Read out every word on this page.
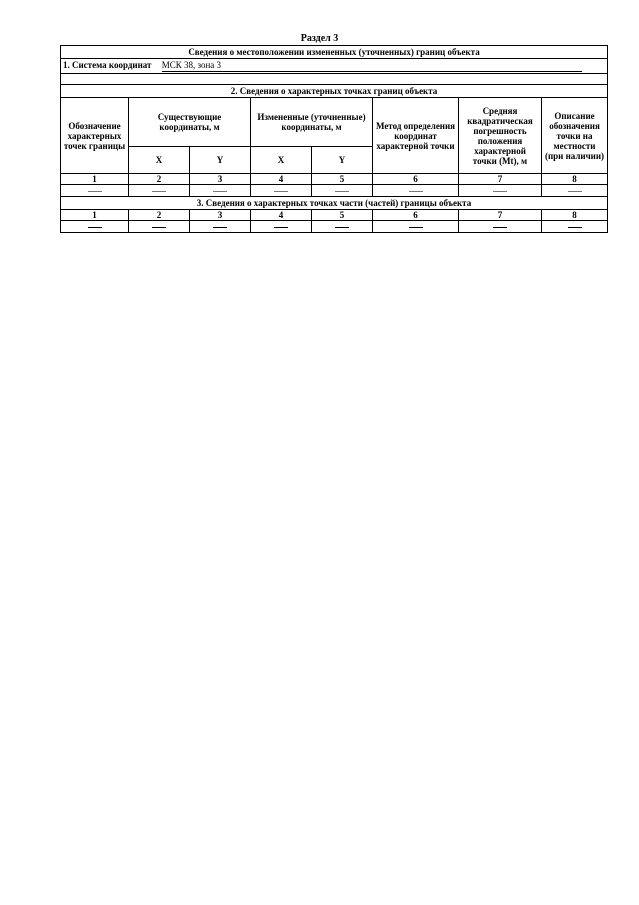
Раздел 3
Сведения о местоположении измененных (уточненных) границ объекта							
1. Система координат МСК 38, зона 3							

2. Сведения о характерных точках границ объекта							
Обозначение характерных точек границы	Существующие координаты, м		Измененные (уточненные) координаты, м		Метод определения координат характерной точки	Средняя квадратическая погрешность положения характерной точки (Mt), м	Описание обозначения точки на местности (при наличии)
	X	Y	X	Y			
1	2	3	4	5	6	7	8

3. Сведения о характерных точках части (частей) границы объекта							
1	2	3	4	5	6	7	8
